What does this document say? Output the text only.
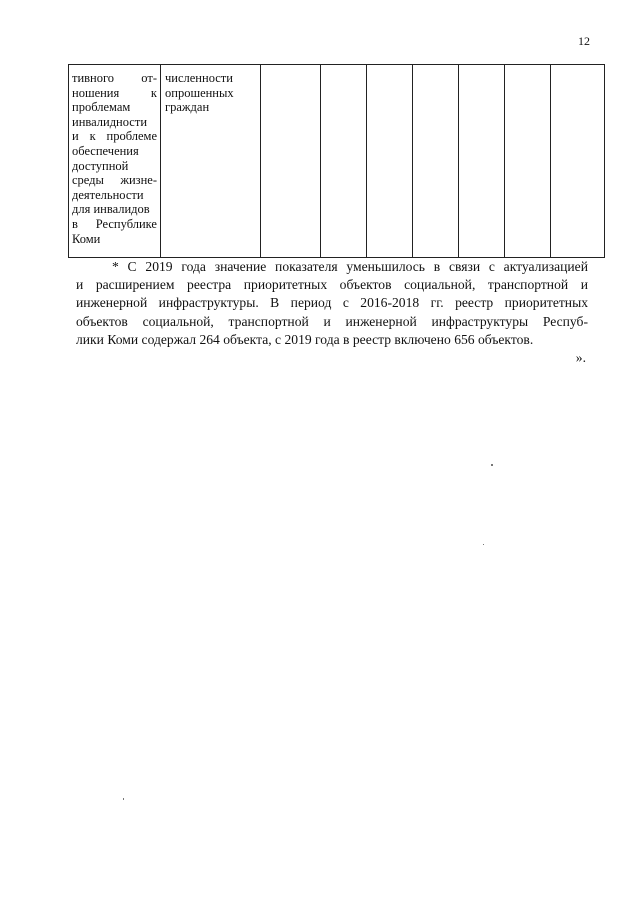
12
тивного от-
ношения к
проблемам
инвалидности
и к проблеме
обеспечения
доступной
среды жизне-
деятельности
для инвалидов
в Республике
Коми
численности
опрошенных
граждан
* С 2019 года значение показателя уменьшилось в связи с актуализацией
и расширением реестра приоритетных объектов социальной, транспортной и
инженерной инфраструктуры. В период с 2016-2018 гг. реестр приоритетных
объектов социальной, транспортной и инженерной инфраструктуры Респуб-
лики Коми содержал 264 объекта, с 2019 года в реестр включено 656 объектов.
».
